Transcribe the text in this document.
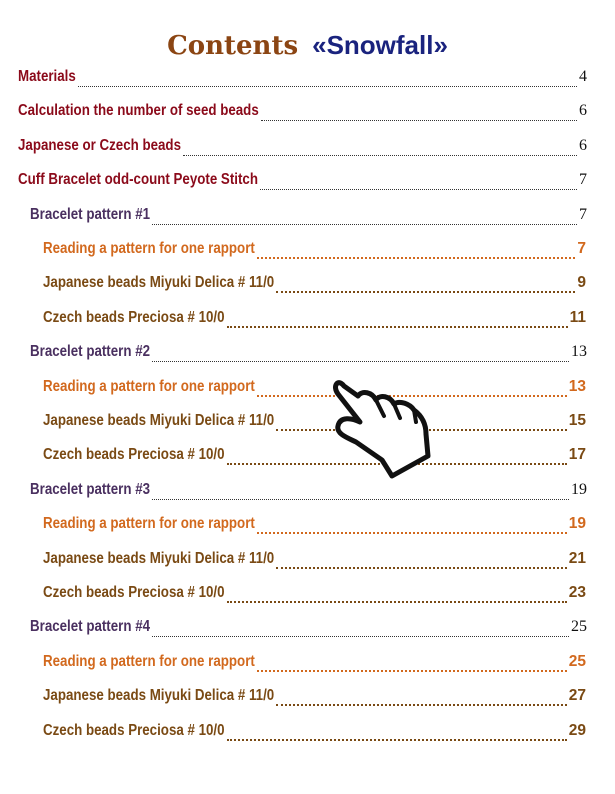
Contents «Snowfall»
Materials	4
Calculation the number of seed beads	6
Japanese or Czech beads	6
Cuff Bracelet odd-count Peyote Stitch	7
Bracelet pattern #1	7
Reading a pattern for one rapport	7
Japanese beads Miyuki Delica # 11/0	9
Czech beads Preciosa # 10/0	11
Bracelet pattern #2	13
Reading a pattern for one rapport	13
Japanese beads Miyuki Delica # 11/0	15
Czech beads Preciosa # 10/0	17
Bracelet pattern #3	19
Reading a pattern for one rapport	19
Japanese beads Miyuki Delica # 11/0	21
Czech beads Preciosa # 10/0	23
Bracelet pattern #4	25
Reading a pattern for one rapport	25
Japanese beads Miyuki Delica # 11/0	27
Czech beads Preciosa # 10/0	29
